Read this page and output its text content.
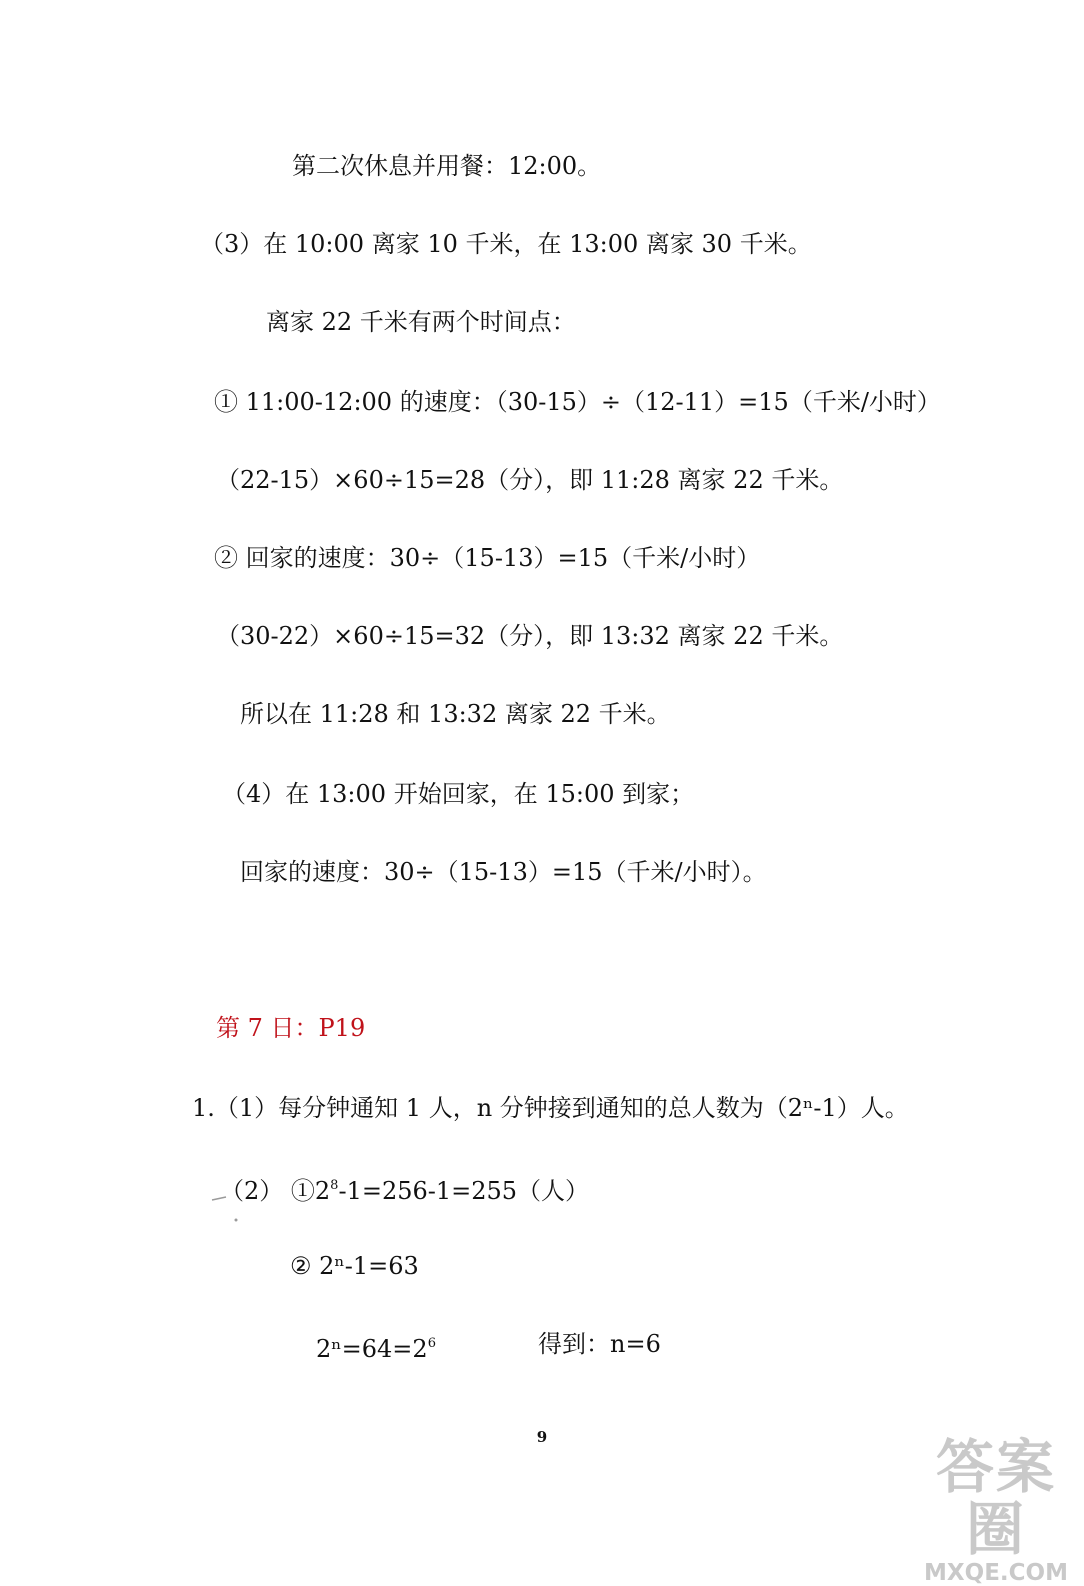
第二次休息并用餐：12:00。
（3）在 10:00 离家 10 千米，在 13:00 离家 30 千米。
离家 22 千米有两个时间点：
① 11:00-12:00 的速度：（30-15）÷（12-11）=15（千米/小时）
（22-15）×60÷15=28（分），即 11:28 离家 22 千米。
② 回家的速度：30÷（15-13）=15（千米/小时）
（30-22）×60÷15=32（分），即 13:32 离家 22 千米。
所以在 11:28 和 13:32 离家 22 千米。
（4）在 13:00 开始回家，在 15:00 到家；
回家的速度：30÷（15-13）=15（千米/小时）。
第 7 日：P19
1.（1）每分钟通知 1 人，n 分钟接到通知的总人数为（2ⁿ-1）人。
（2） $①2^8-1=256-1=255$（人）
② 2ⁿ-1=63
$2^n=64=2^6$	得到：n=6
9	答案圈
MXQE.COM
